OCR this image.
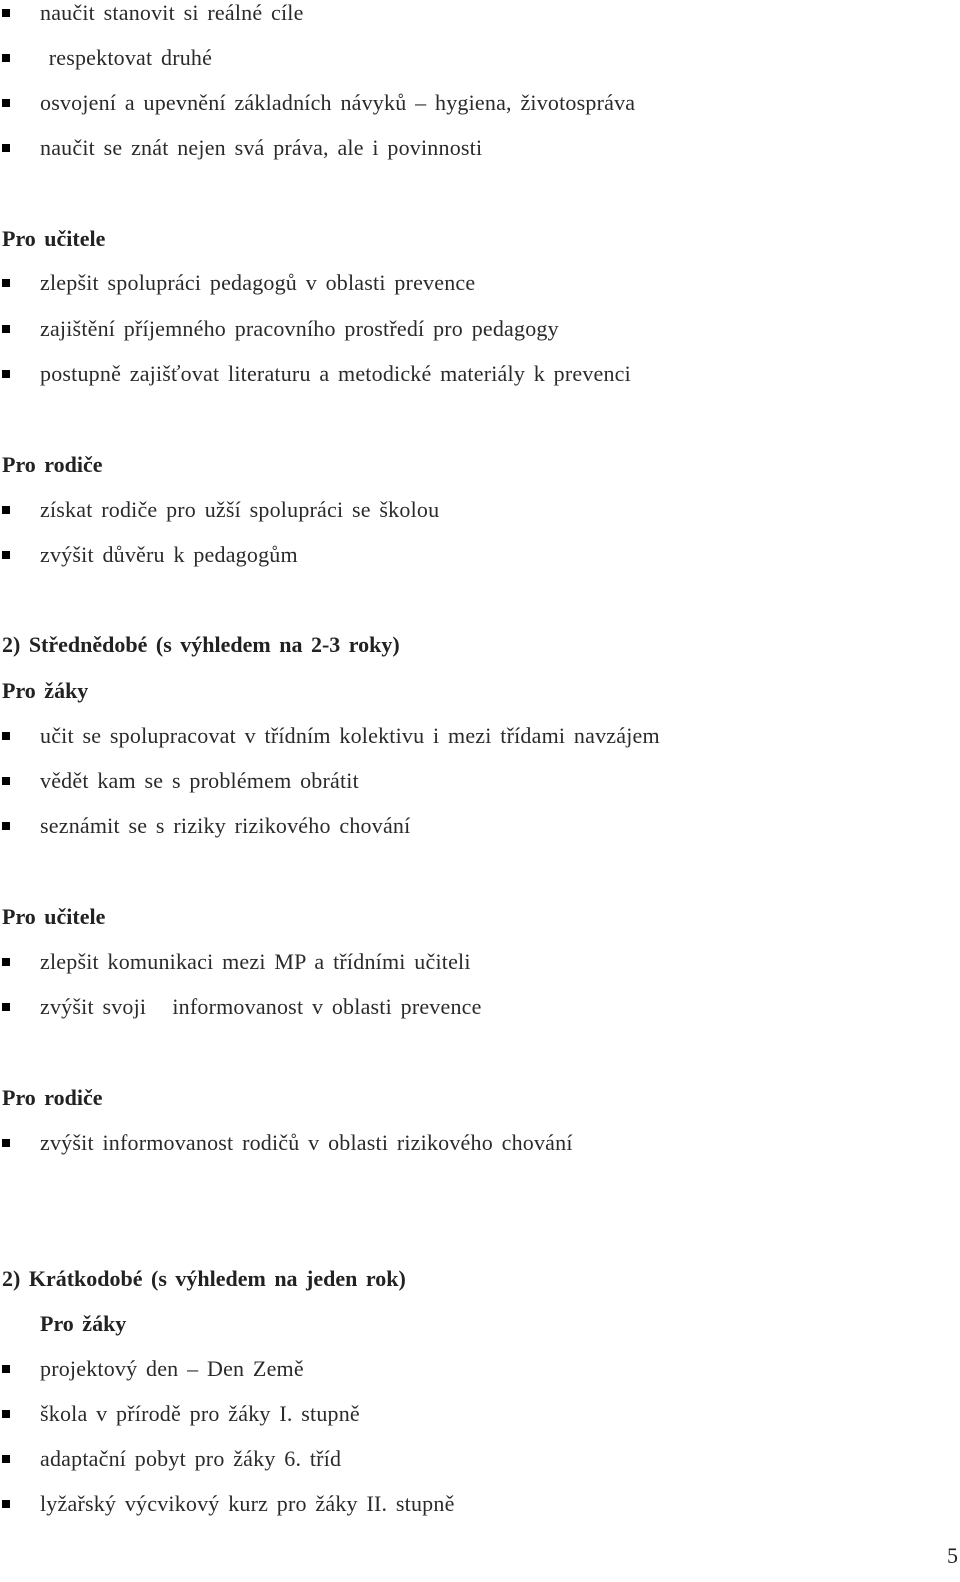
naučit stanovit si reálné cíle
respektovat druhé
osvojení a upevnění základních návyků – hygiena, životospráva
naučit se znát nejen svá práva, ale i povinnosti
Pro učitele
zlepšit spolupráci pedagogů v oblasti prevence
zajištění příjemného pracovního prostředí pro pedagogy
postupně zajišťovat literaturu a metodické materiály k prevenci
Pro rodiče
získat rodiče pro užší spolupráci se školou
zvýšit důvěru k pedagogům
2) Střednědobé (s výhledem na 2-3 roky)
Pro žáky
učit se spolupracovat v třídním kolektivu i mezi třídami navzájem
vědět kam se s problémem obrátit
seznámit se s riziky rizikového chování
Pro učitele
zlepšit komunikaci mezi MP a třídními učiteli
zvýšit svoji   informovanost v oblasti prevence
Pro rodiče
zvýšit informovanost rodičů v oblasti rizikového chování
2) Krátkodobé (s výhledem na jeden rok)
Pro žáky
projektový den – Den Země
škola v přírodě pro žáky I. stupně
adaptační pobyt pro žáky 6. tříd
lyžařský výcvikový kurz pro žáky II. stupně
5
